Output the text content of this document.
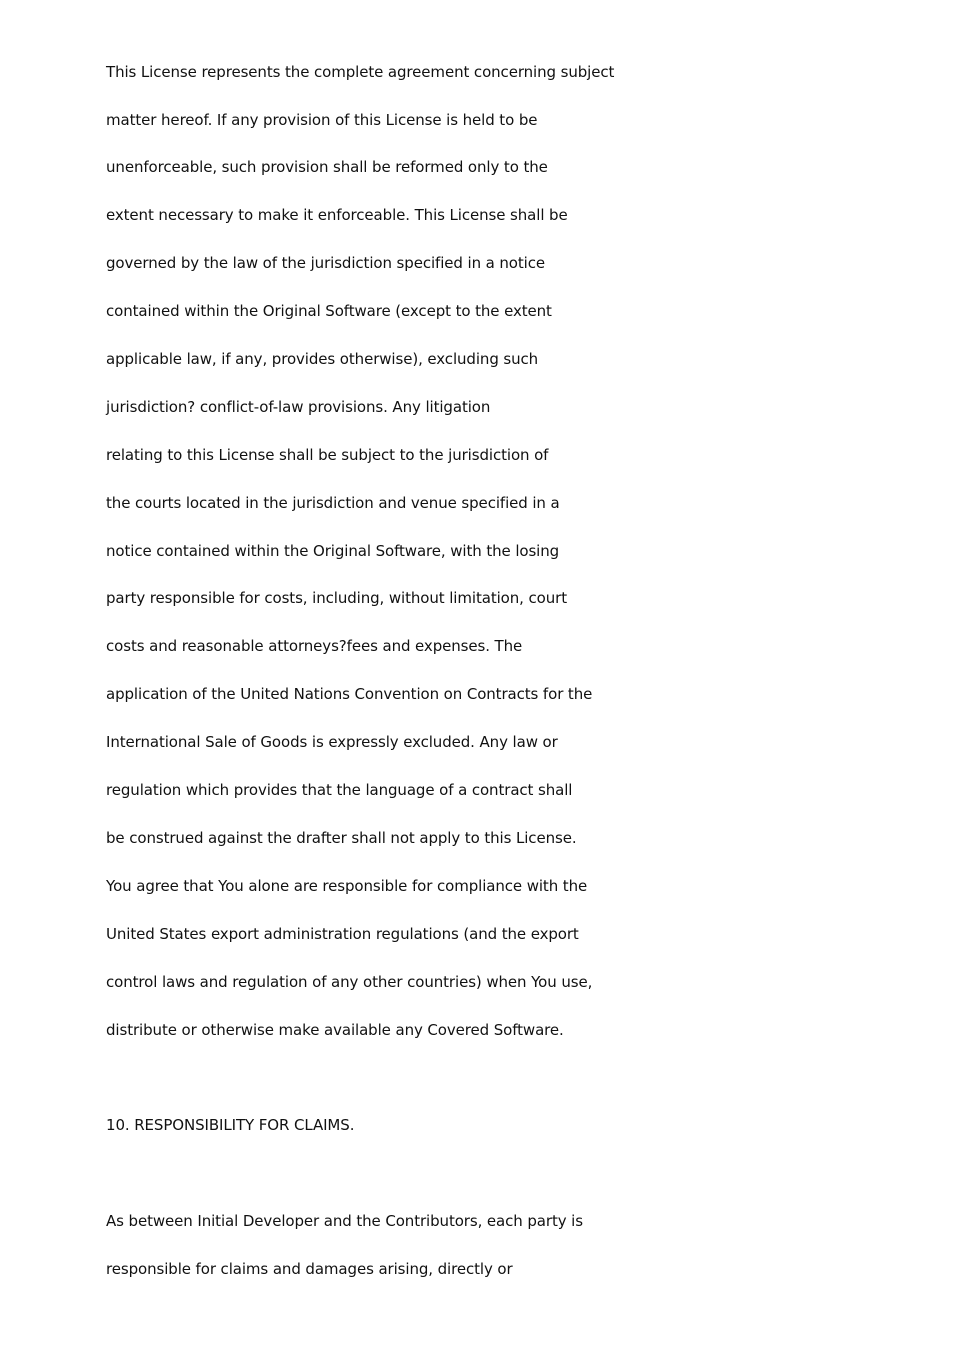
This License represents the complete agreement concerning subject
matter hereof. If any provision of this License is held to be
unenforceable, such provision shall be reformed only to the
extent necessary to make it enforceable. This License shall be
governed by the law of the jurisdiction specified in a notice
contained within the Original Software (except to the extent
applicable law, if any, provides otherwise), excluding such
jurisdiction? conflict-of-law provisions. Any litigation
relating to this License shall be subject to the jurisdiction of
the courts located in the jurisdiction and venue specified in a
notice contained within the Original Software, with the losing
party responsible for costs, including, without limitation, court
costs and reasonable attorneys?fees and expenses. The
application of the United Nations Convention on Contracts for the
International Sale of Goods is expressly excluded. Any law or
regulation which provides that the language of a contract shall
be construed against the drafter shall not apply to this License.
You agree that You alone are responsible for compliance with the
United States export administration regulations (and the export
control laws and regulation of any other countries) when You use,
distribute or otherwise make available any Covered Software.
10. RESPONSIBILITY FOR CLAIMS.
As between Initial Developer and the Contributors, each party is
responsible for claims and damages arising, directly or
